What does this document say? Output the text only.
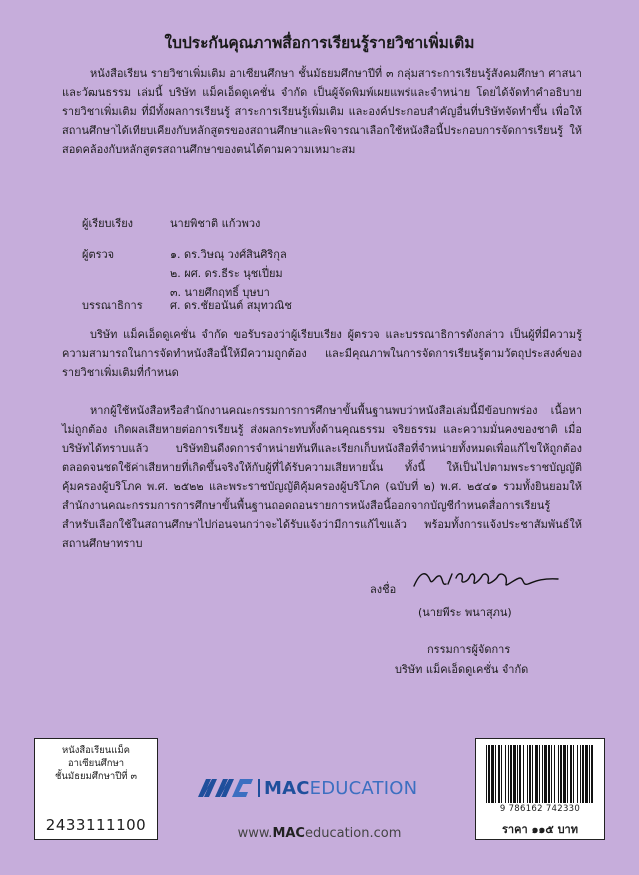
ใบประกันคุณภาพสื่อการเรียนรู้รายวิชาเพิ่มเติม
หนังสือเรียน รายวิชาเพิ่มเติม อาเซียนศึกษา ชั้นมัธยมศึกษาปีที่ ๓ กลุ่มสาระการเรียนรู้สังคมศึกษา ศาสนาและวัฒนธรรม เล่มนี้ บริษัท แม็คเอ็ดดูเคชั่น จำกัด เป็นผู้จัดพิมพ์เผยแพร่และจำหน่าย โดยได้จัดทำคำอธิบายรายวิชาเพิ่มเติม ที่มีทั้งผลการเรียนรู้ สาระการเรียนรู้เพิ่มเติม และองค์ประกอบสำคัญอื่นที่บริษัทจัดทำขึ้น เพื่อให้สถานศึกษาได้เทียบเคียงกับหลักสูตรของสถานศึกษาและพิจารณาเลือกใช้หนังสือนี้ประกอบการจัดการเรียนรู้ ให้สอดคล้องกับหลักสูตรสถานศึกษาของตนได้ตามความเหมาะสม
ผู้เรียบเรียง	นายพิชาติ แก้วพวง
ผู้ตรวจ	๑. ดร.วิษณุ วงศ์สินศิริกุล
๒. ผศ. ดร.ธีระ นุชเปี่ยม
๓. นายศึกฤทธิ์ บุษบา
บรรณาธิการ ศ. ดร.ชัยอนันต์ สมุทวณิช
บริษัท แม็คเอ็ดดูเคชั่น จำกัด ขอรับรองว่าผู้เรียบเรียง ผู้ตรวจ และบรรณาธิการดังกล่าว เป็นผู้ที่มีความรู้ความสามารถในการจัดทำหนังสือนี้ให้มีความถูกต้อง และมีคุณภาพในการจัดการเรียนรู้ตามวัตถุประสงค์ของรายวิชาเพิ่มเติมที่กำหนด
หากผู้ใช้หนังสือหรือสำนักงานคณะกรรมการการศึกษาขั้นพื้นฐานพบว่าหนังสือเล่มนี้มีข้อบกพร่อง เนื้อหาไม่ถูกต้อง เกิดผลเสียหายต่อการเรียนรู้ ส่งผลกระทบทั้งด้านคุณธรรม จริยธรรม และความมั่นคงของชาติ เมื่อบริษัทได้ทราบแล้ว บริษัทยินดีงดการจำหน่ายทันทีและเรียกเก็บหนังสือที่จำหน่ายทั้งหมดเพื่อแก้ไขให้ถูกต้อง ตลอดจนชดใช้ค่าเสียหายที่เกิดขึ้นจริงให้กับผู้ที่ได้รับความเสียหายนั้น ทั้งนี้ ให้เป็นไปตามพระราชบัญญัติคุ้มครองผู้บริโภค พ.ศ. ๒๕๒๒ และพระราชบัญญัติคุ้มครองผู้บริโภค (ฉบับที่ ๒) พ.ศ. ๒๕๔๑ รวมทั้งยินยอมให้สำนักงานคณะกรรมการการศึกษาขั้นพื้นฐานถอดถอนรายการหนังสือนี้ออกจากบัญชีกำหนดสื่อการเรียนรู้สำหรับเลือกใช้ในสถานศึกษาไปก่อนจนกว่าจะได้รับแจ้งว่ามีการแก้ไขแล้ว พร้อมทั้งการแจ้งประชาสัมพันธ์ให้สถานศึกษาทราบ
ลงชื่อ
(นายพีระ พนาสุภน)
กรรมการผู้จัดการ
บริษัท แม็คเอ็ดดูเคชั่น จำกัด
หนังสือเรียนแม็ค
อาเซียนศึกษา
ชั้นมัธยมศึกษาปีที่ ๓
2433111100
MACEDUCATION
www.MACeducation.com
9 786162 742330
ราคา ๑๑๕ บาท
